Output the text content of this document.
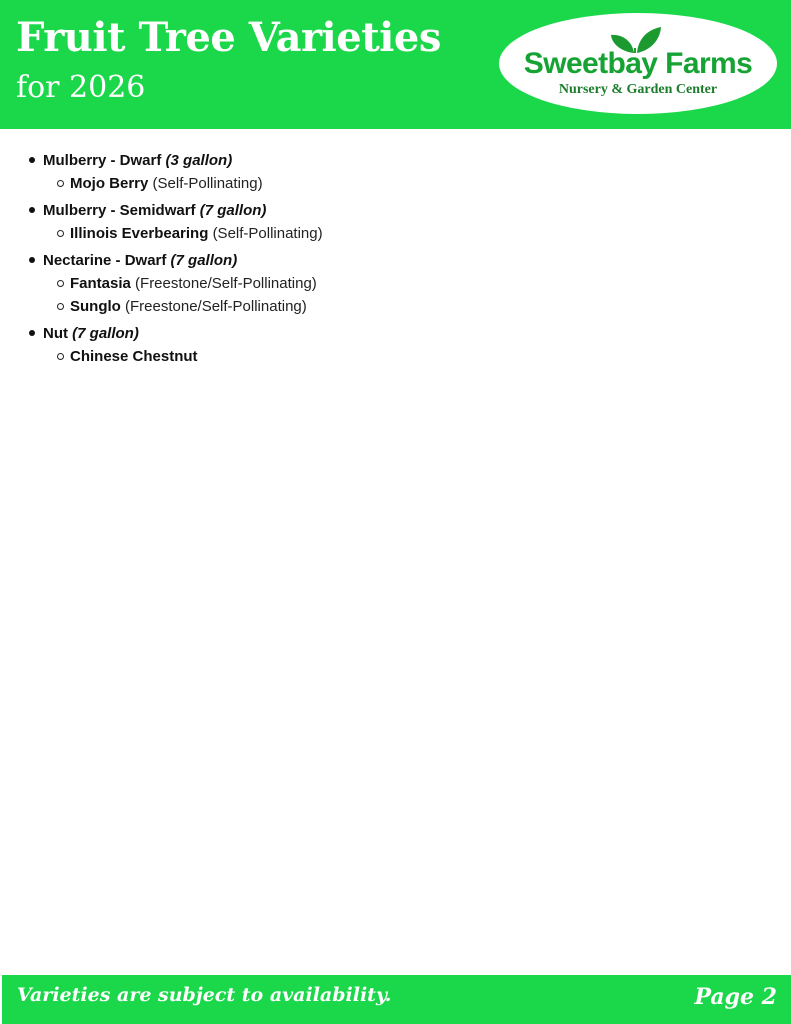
Fruit Tree Varieties

for 2026

Sweetbay Farms
Nursery & Garden Center
Mulberry - Dwarf (3 gallon)
Mojo Berry (Self-Pollinating)
Mulberry - Semidwarf (7 gallon)
Illinois Everbearing (Self-Pollinating)
Nectarine - Dwarf (7 gallon)
Fantasia (Freestone/Self-Pollinating)
Sunglo (Freestone/Self-Pollinating)
Nut (7 gallon)
Chinese Chestnut

Varieties are subject to availability.	Page 2
